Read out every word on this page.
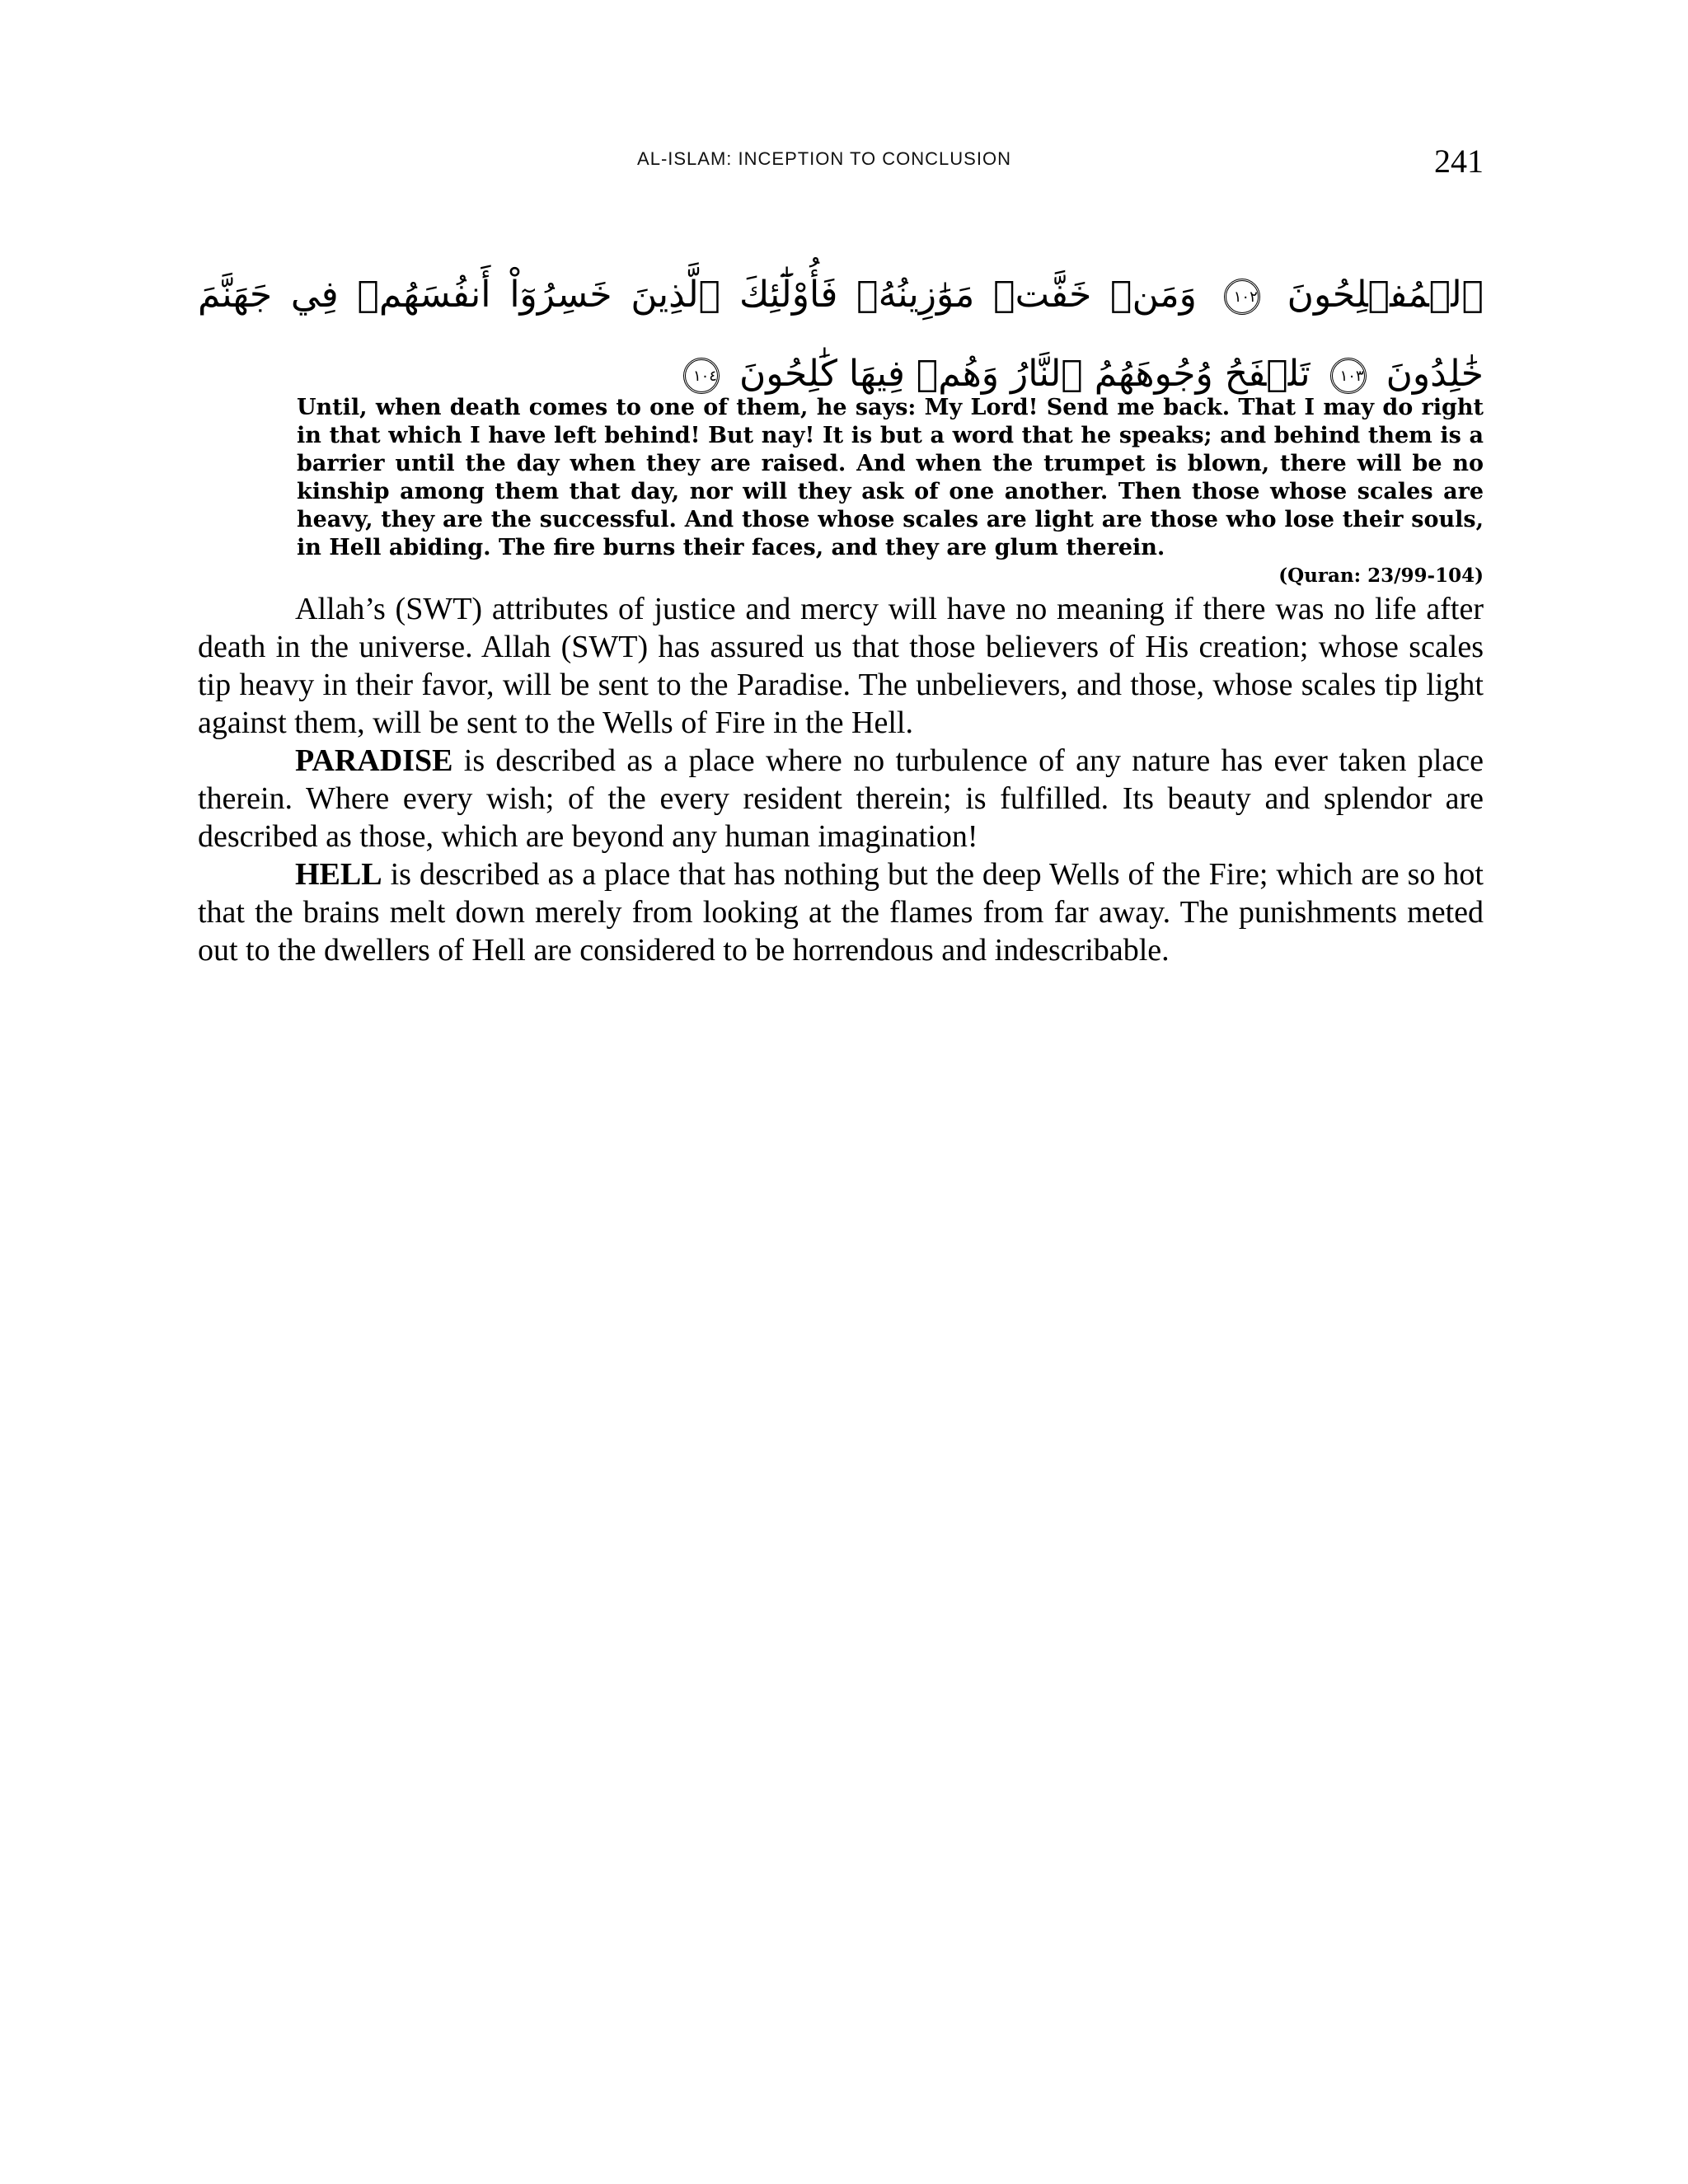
AL-ISLAM: INCEPTION TO CONCLUSION	241
ٱلۡمُفۡلِحُونَ ١٠٢ وَمَنۡ خَفَّتۡ مَوَٰزِينُهُۥ فَأُوْلَٰٓئِكَ ٱلَّذِينَ خَسِرُوٓاْ أَنفُسَهُمۡ فِي جَهَنَّمَ خَٰلِدُونَ ١٠٣ تَلۡفَحُ وُجُوهَهُمُ ٱلنَّارُ وَهُمۡ فِيهَا كَٰلِحُونَ ١٠٤

Until, when death comes to one of them, he says: My Lord! Send me back. That I may do right in that which I have left behind! But nay! It is but a word that he speaks; and behind them is a barrier until the day when they are raised. And when the trumpet is blown, there will be no kinship among them that day, nor will they ask of one another. Then those whose scales are heavy, they are the successful. And those whose scales are light are those who lose their souls, in Hell abiding. The fire burns their faces, and they are glum therein.

(Quran: 23/99-104)

Allah’s (SWT) attributes of justice and mercy will have no meaning if there was no life after death in the universe. Allah (SWT) has assured us that those believers of His creation; whose scales tip heavy in their favor, will be sent to the Paradise. The unbelievers, and those, whose scales tip light against them, will be sent to the Wells of Fire in the Hell.

PARADISE is described as a place where no turbulence of any nature has ever taken place therein. Where every wish; of the every resident therein; is fulfilled. Its beauty and splendor are described as those, which are beyond any human imagination!

HELL is described as a place that has nothing but the deep Wells of the Fire; which are so hot that the brains melt down merely from looking at the flames from far away. The punishments meted out to the dwellers of Hell are considered to be horrendous and indescribable.
